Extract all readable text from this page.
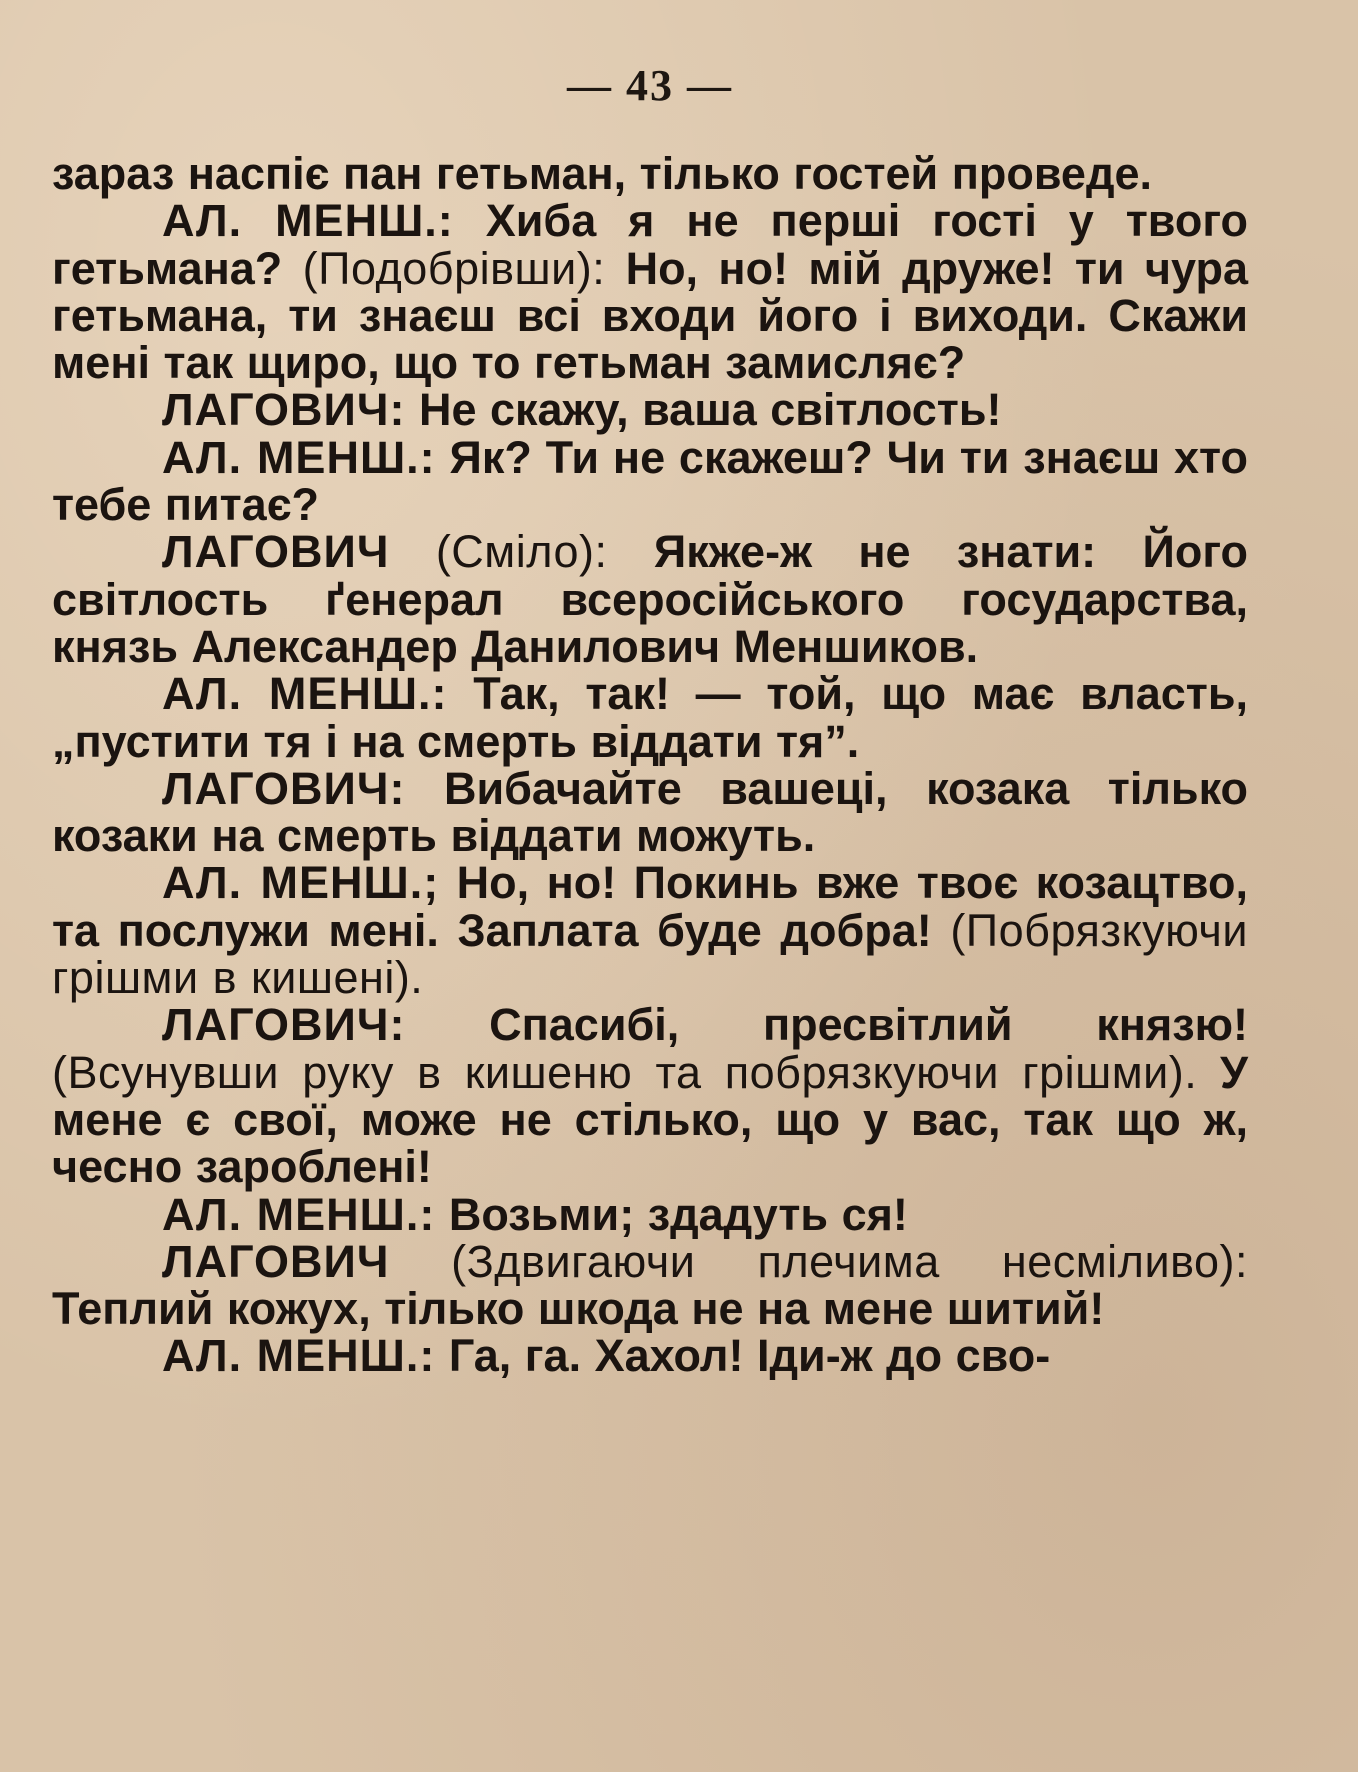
— 43 —
зараз наспіє пан гетьман, тілько гостей проведе.
АЛ. МЕНШ.: Хиба я не перші гості у твого гетьмана? (Подобрівши): Но, но! мій друже! ти чура гетьмана, ти знаєш всі входи його і виходи. Скажи мені так щиро, що то гетьман замисляє?
ЛАГОВИЧ: Не скажу, ваша світлость!
АЛ. МЕНШ.: Як? Ти не скажеш? Чи ти знаєш хто тебе питає?
ЛАГОВИЧ (Сміло): Якже-ж не знати: Його світлость ґенерал всеросійського государства, князь Александер Данилович Меншиков.
АЛ. МЕНШ.: Так, так! — той, що має власть, „пустити тя і на смерть віддати тя”.
ЛАГОВИЧ: Вибачайте вашеці, козака тілько козаки на смерть віддати можуть.
АЛ. МЕНШ.; Но, но! Покинь вже твоє козацтво, та послужи мені. Заплата буде добра! (Побрязкуючи грішми в кишені).
ЛАГОВИЧ: Спасибі, пресвітлий князю! (Всунувши руку в кишеню та побрязкуючи грішми). У мене є свої, може не стілько, що у вас, так що ж, чесно зароблені!
АЛ. МЕНШ.: Возьми; здадуть ся!
ЛАГОВИЧ (Здвигаючи плечима несміливо): Теплий кожух, тілько шкода не на мене шитий!
АЛ. МЕНШ.: Га, га. Хахол! Іди-ж до сво-
